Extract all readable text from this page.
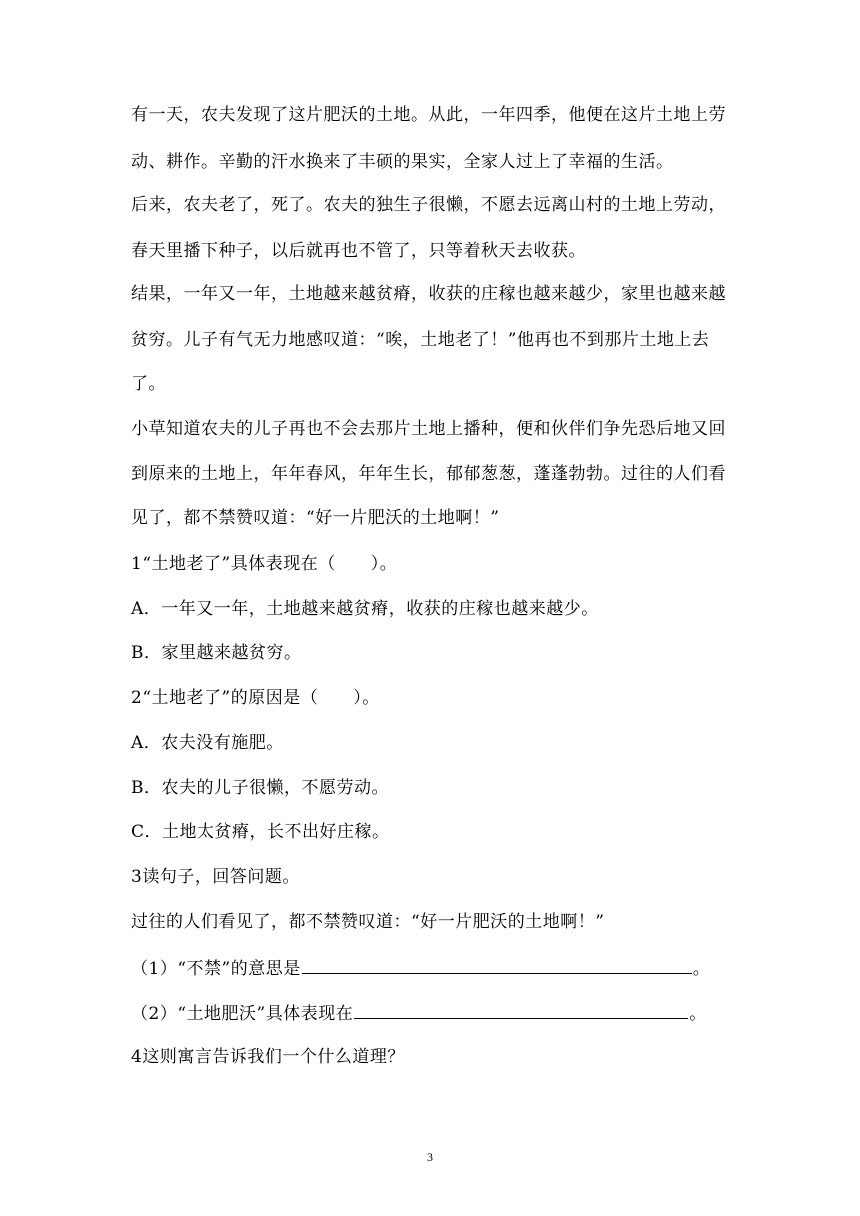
有一天，农夫发现了这片肥沃的土地。从此，一年四季，他便在这片土地上劳
动、耕作。辛勤的汗水换来了丰硕的果实，全家人过上了幸福的生活。
后来，农夫老了，死了。农夫的独生子很懒，不愿去远离山村的土地上劳动，
春天里播下种子，以后就再也不管了，只等着秋天去收获。
结果，一年又一年，土地越来越贫瘠，收获的庄稼也越来越少，家里也越来越
贫穷。儿子有气无力地感叹道：“唉，土地老了！”他再也不到那片土地上去
了。
小草知道农夫的儿子再也不会去那片土地上播种，便和伙伴们争先恐后地又回
到原来的土地上，年年春风，年年生长，郁郁葱葱，蓬蓬勃勃。过往的人们看
见了，都不禁赞叹道：“好一片肥沃的土地啊！”
1“土地老了”具体表现在（　　）。
A．一年又一年，土地越来越贫瘠，收获的庄稼也越来越少。
B．家里越来越贫穷。
2“土地老了”的原因是（　　）。
A．农夫没有施肥。
B．农夫的儿子很懒，不愿劳动。
C．土地太贫瘠，长不出好庄稼。
3读句子，回答问题。
过往的人们看见了，都不禁赞叹道：“好一片肥沃的土地啊！”
（1）“不禁”的意思是	。
（2）“土地肥沃”具体表现在	。
4这则寓言告诉我们一个什么道理？
3
